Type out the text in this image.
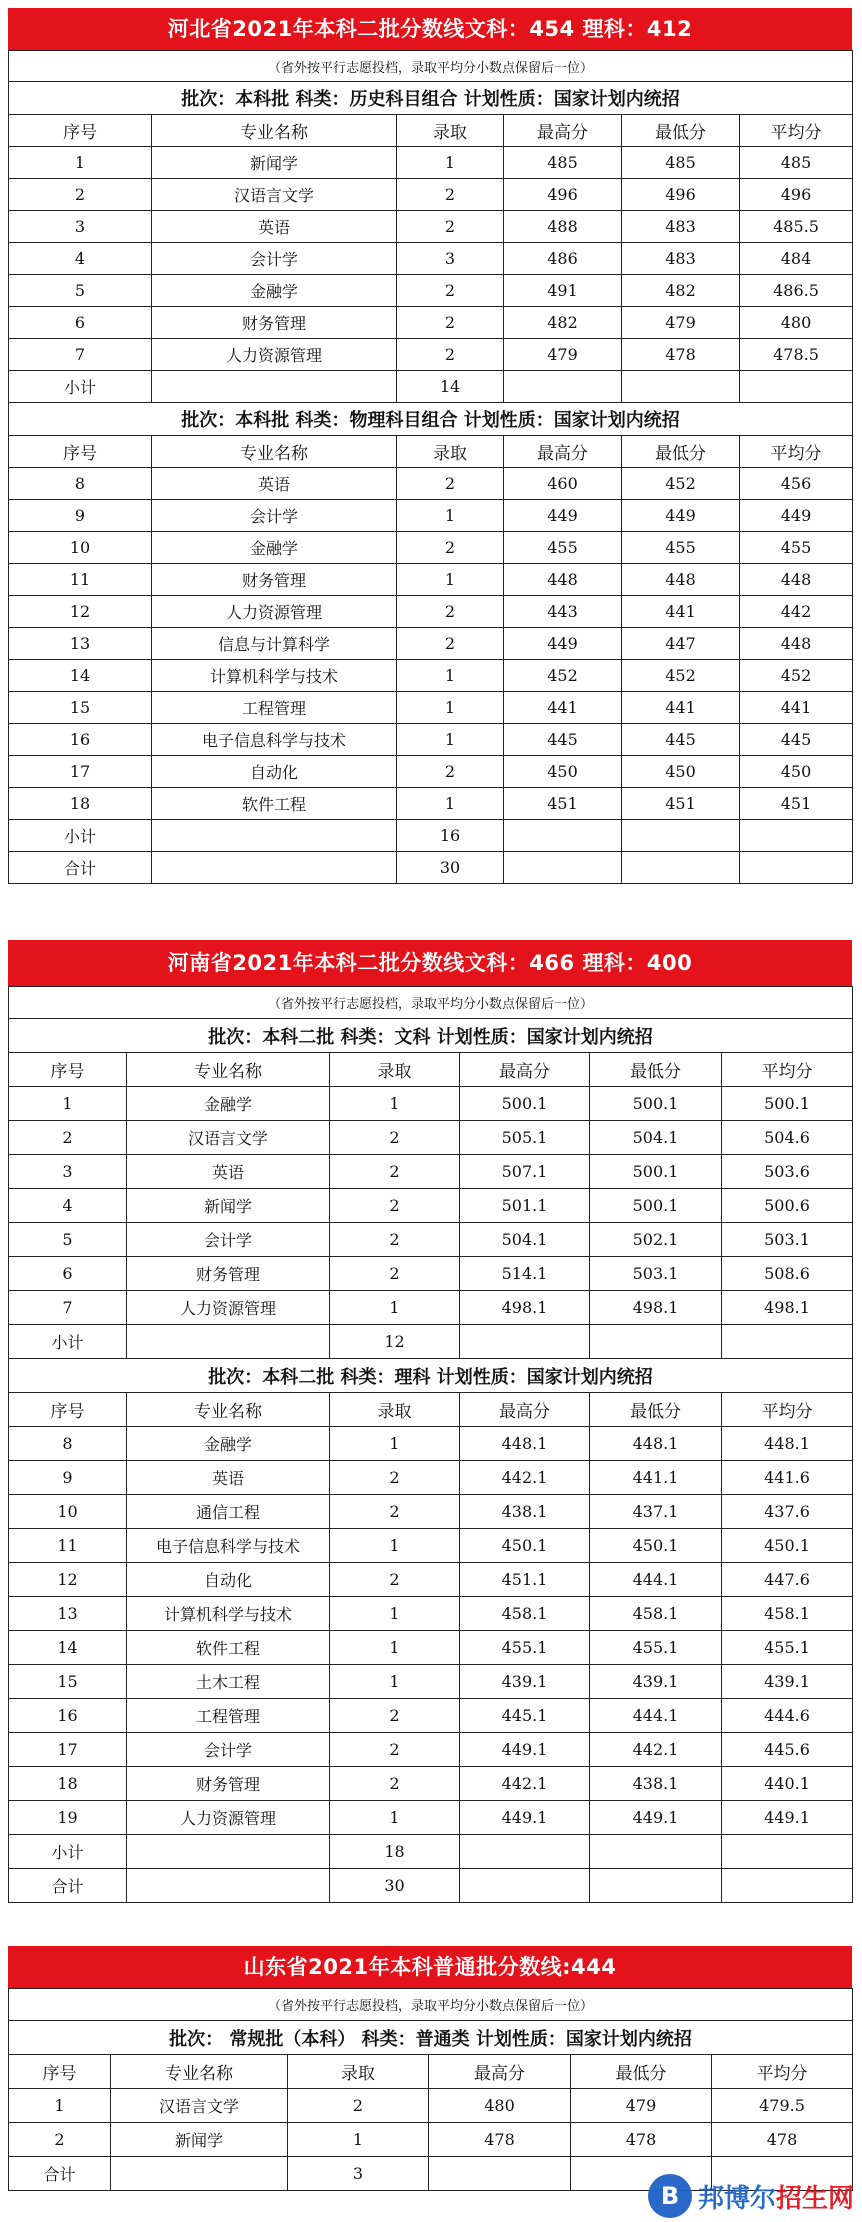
河北省2021年本科二批分数线文科：454 理科：412
（省外按平行志愿投档，录取平均分小数点保留后一位）					
批次：本科批 科类：历史科目组合 计划性质：国家计划内统招					
序号	专业名称	录取	最高分	最低分	平均分
1	新闻学	1	485	485	485
2	汉语言文学	2	496	496	496
3	英语	2	488	483	485.5
4	会计学	3	486	483	484
5	金融学	2	491	482	486.5
6	财务管理	2	482	479	480
7	人力资源管理	2	479	478	478.5
小计		14			
批次：本科批 科类：物理科目组合 计划性质：国家计划内统招					
序号	专业名称	录取	最高分	最低分	平均分
8	英语	2	460	452	456
9	会计学	1	449	449	449
10	金融学	2	455	455	455
11	财务管理	1	448	448	448
12	人力资源管理	2	443	441	442
13	信息与计算科学	2	449	447	448
14	计算机科学与技术	1	452	452	452
15	工程管理	1	441	441	441
16	电子信息科学与技术	1	445	445	445
17	自动化	2	450	450	450
18	软件工程	1	451	451	451
小计		16			
合计		30			
河南省2021年本科二批分数线文科：466 理科：400
（省外按平行志愿投档，录取平均分小数点保留后一位）					
批次：本科二批 科类：文科 计划性质：国家计划内统招					
序号	专业名称	录取	最高分	最低分	平均分
1	金融学	1	500.1	500.1	500.1
2	汉语言文学	2	505.1	504.1	504.6
3	英语	2	507.1	500.1	503.6
4	新闻学	2	501.1	500.1	500.6
5	会计学	2	504.1	502.1	503.1
6	财务管理	2	514.1	503.1	508.6
7	人力资源管理	1	498.1	498.1	498.1
小计		12			
批次：本科二批 科类：理科 计划性质：国家计划内统招					
序号	专业名称	录取	最高分	最低分	平均分
8	金融学	1	448.1	448.1	448.1
9	英语	2	442.1	441.1	441.6
10	通信工程	2	438.1	437.1	437.6
11	电子信息科学与技术	1	450.1	450.1	450.1
12	自动化	2	451.1	444.1	447.6
13	计算机科学与技术	1	458.1	458.1	458.1
14	软件工程	1	455.1	455.1	455.1
15	土木工程	1	439.1	439.1	439.1
16	工程管理	2	445.1	444.1	444.6
17	会计学	2	449.1	442.1	445.6
18	财务管理	2	442.1	438.1	440.1
19	人力资源管理	1	449.1	449.1	449.1
小计		18			
合计		30			
山东省2021年本科普通批分数线:444
（省外按平行志愿投档，录取平均分小数点保留后一位）					
批次： 常规批（本科） 科类：普通类 计划性质：国家计划内统招					
序号	专业名称	录取	最高分	最低分	平均分
1	汉语言文学	2	480	479	479.5
2	新闻学	1	478	478	478
合计		3			
B 邦博尔招生网
